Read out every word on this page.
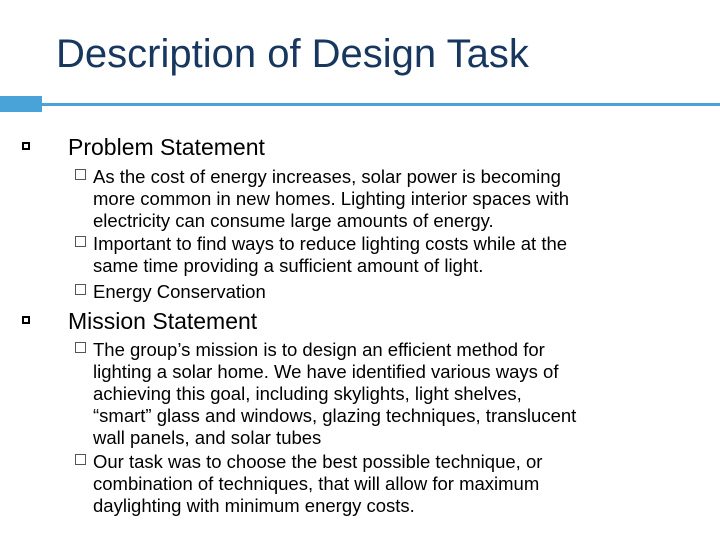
Description of Design Task
Problem Statement
As the cost of energy increases, solar power is becoming
more common in new homes. Lighting interior spaces with
electricity can consume large amounts of energy.
Important to find ways to reduce lighting costs while at the
same time providing a sufficient amount of light.
Energy Conservation
Mission Statement
The group’s mission is to design an efficient method for
lighting a solar home. We have identified various ways of
achieving this goal, including skylights, light shelves,
“smart” glass and windows, glazing techniques, translucent
wall panels, and solar tubes
Our task was to choose the best possible technique, or
combination of techniques, that will allow for maximum
daylighting with minimum energy costs.
